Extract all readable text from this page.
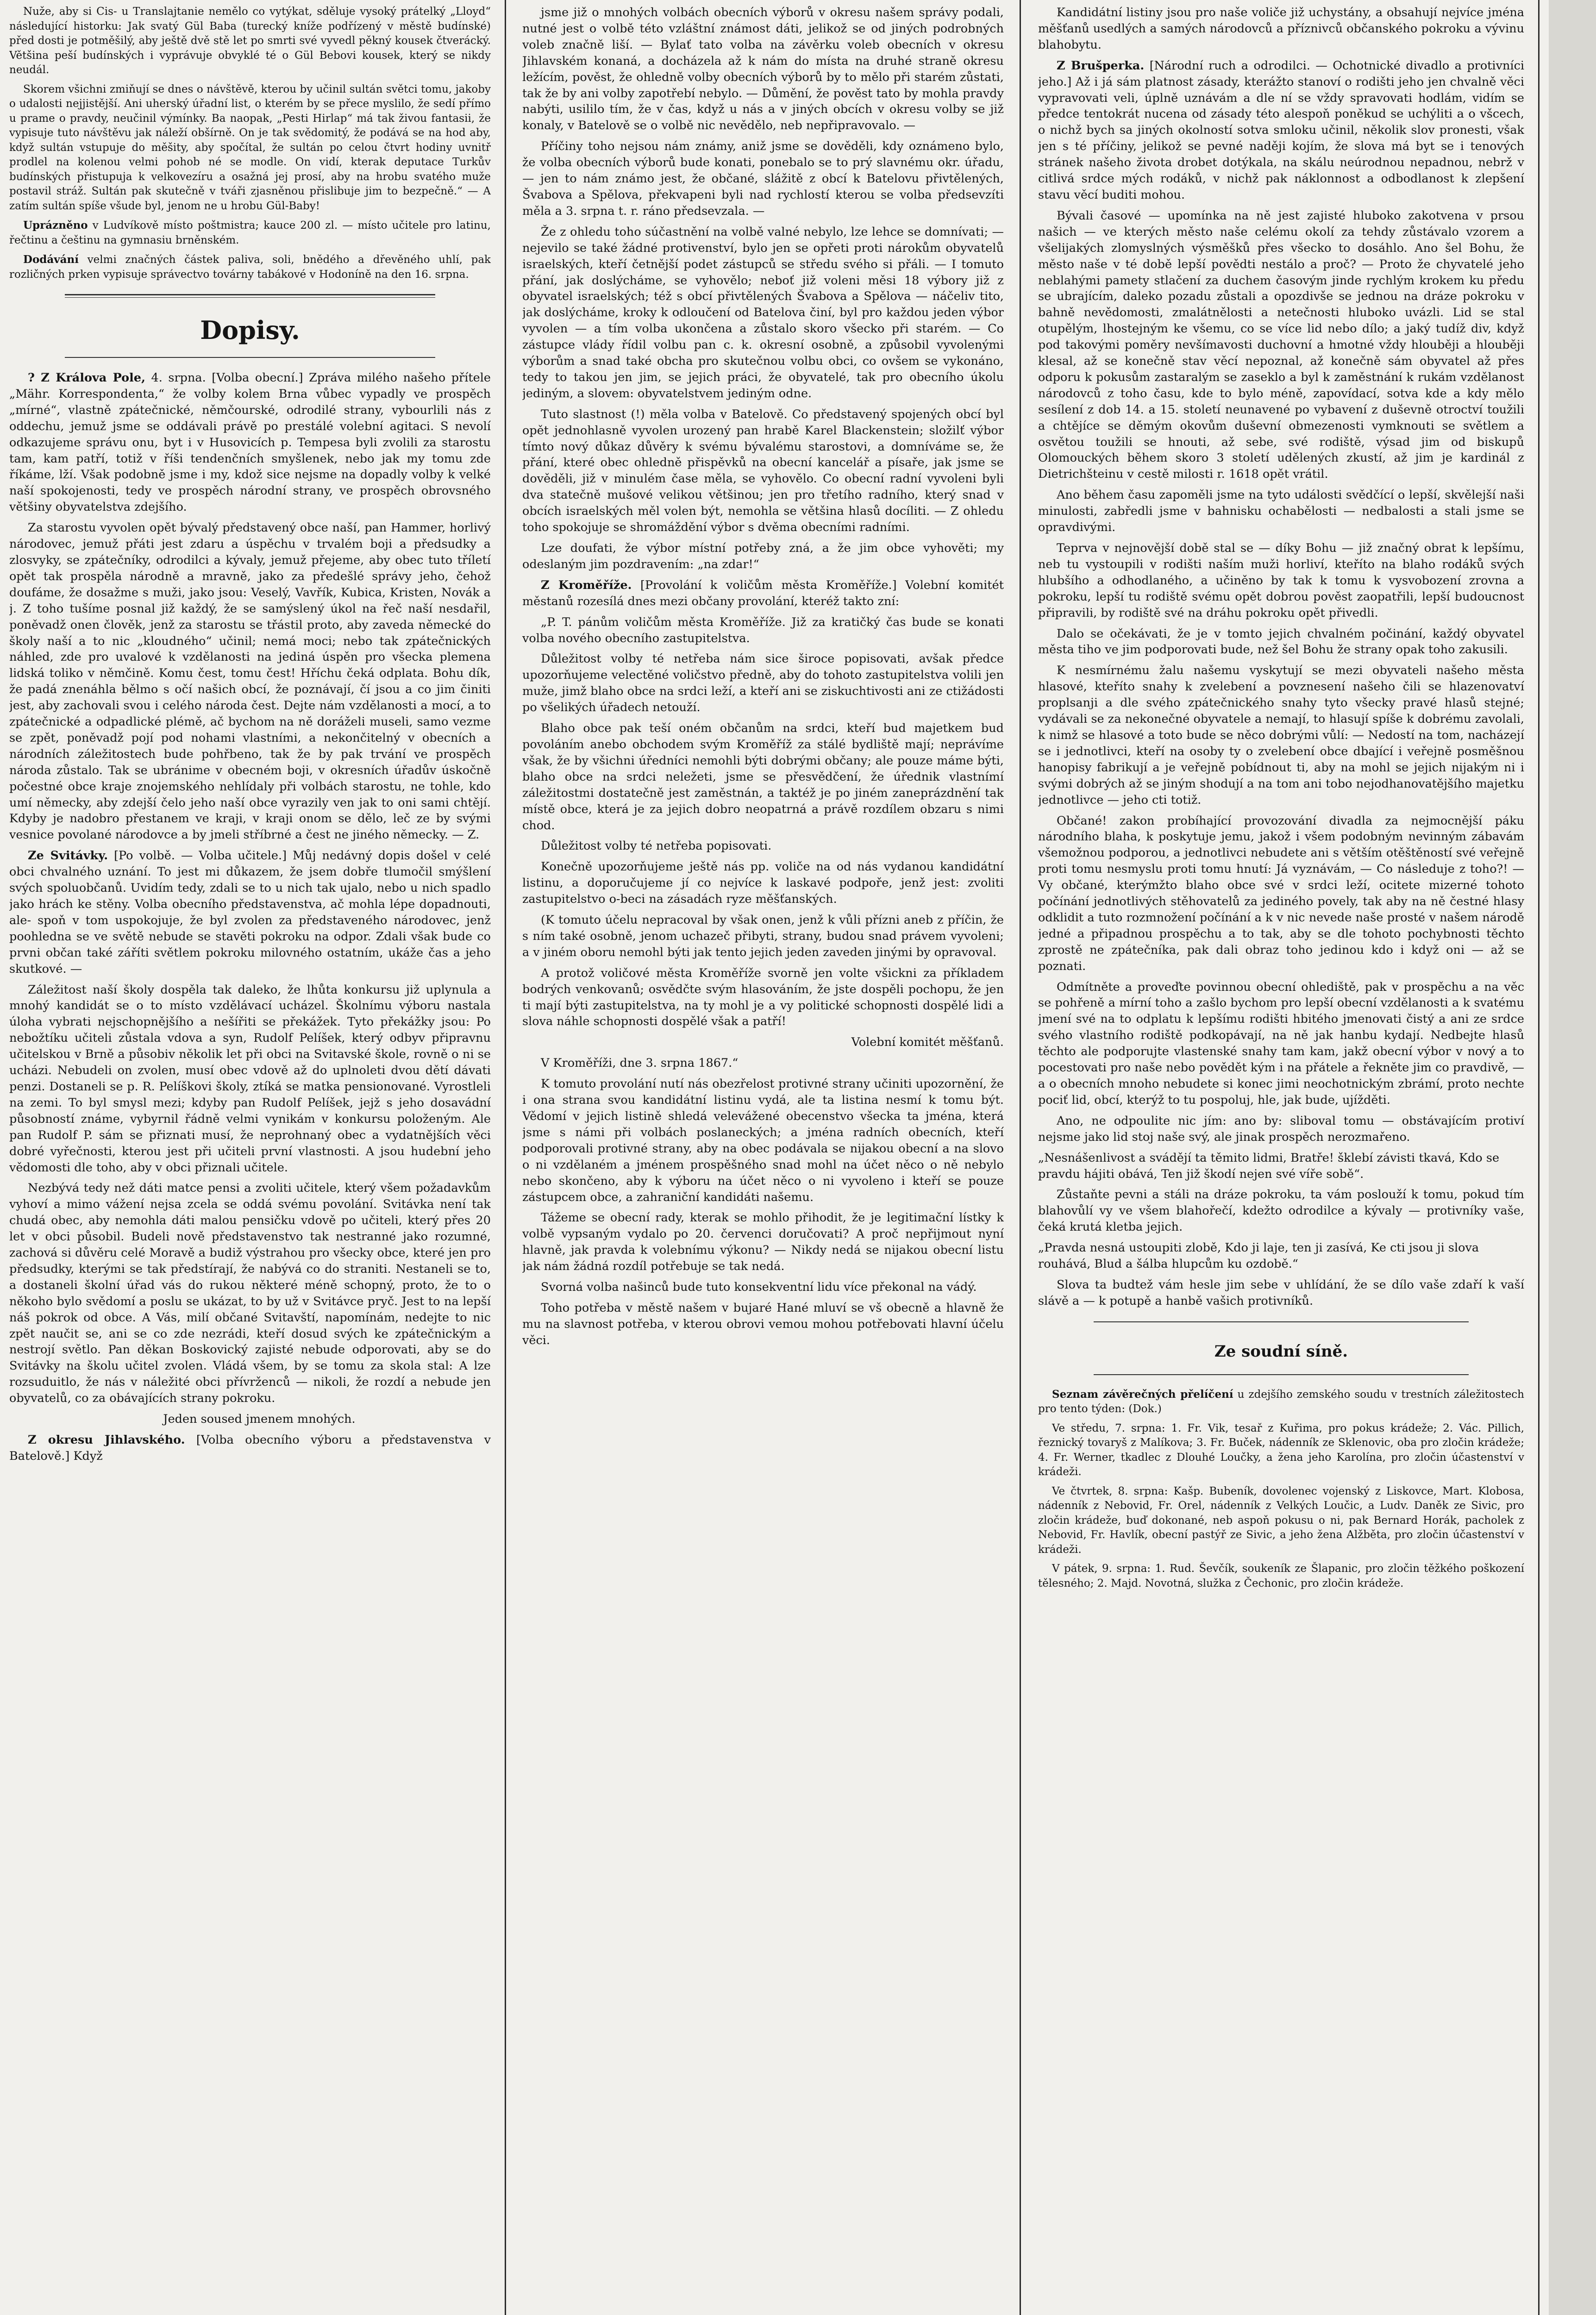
Nuže, aby si Cis- u Translajtanie nemělo co vytýkat, sděluje vysoký prátelký „Lloyd“ následující historku: Jak svatý Gül Baba (turecký kníže podřízený v městě budínské) před dosti je potměšilý, aby ještě dvě stě let po smrti své vyvedl pěkný kousek čtverácký. Většina peší budínských i vyprávuje obvyklé té o Gül Bebovi kousek, který se nikdy neudál.

Skorem všichni zmiňují se dnes o návštěvě, kterou by učinil sultán světci tomu, jakoby o udalosti nejjistější. Ani uherský úřadní list, o kterém by se přece myslilo, že sedí přímo u prame o pravdy, neučinil výmínky. Ba naopak, „Pesti Hirlap“ má tak živou fantasii, že vypisuje tuto návštěvu jak náleží obšírně. On je tak svědomitý, že podává se na hod aby, když sultán vstupuje do měšity, aby spočítal, že sultán po celou čtvrt hodiny uvnitř prodlel na kolenou velmi pohob né se modle. On vidí, kterak deputace Turkův budínských přistupuja k velkovezíru a osažná jej prosí, aby na hrobu svatého muže postavil stráž. Sultán pak skutečně v tváři zjasněnou přislibuje jim to bezpečně.“ — A zatím sultán spíše všude byl, jenom ne u hrobu Gül-Baby!

Uprázněno v Ludvíkově místo poštmistra; kauce 200 zl. — místo učitele pro latinu, řečtinu a češtinu na gymnasiu brněnském.

Dodávání velmi značných částek paliva, soli, bnědého a dřevěného uhlí, pak rozličných prken vypisuje správectvo továrny tabákové v Hodoníně na den 16. srpna.

Dopisy.

? Z Králova Pole, 4. srpna. [Volba obecní.] Zpráva milého našeho přítele „Mähr. Korrespondenta,“ že volby kolem Brna vůbec vypadly ve prospěch „mírné“, vlastně zpátečnické, němčourské, odrodilé strany, vybourlili nás z oddechu, jemuž jsme se oddávali právě po prestálé volební agitaci. S nevolí odkazujeme správu onu, byt i v Husovicích p. Tempesa byli zvolili za starostu tam, kam patří, totiž v říši tendenčních smyšlenek, nebo jak my tomu zde říkáme, lží. Však podobně jsme i my, kdož sice nejsme na dopadly volby k velké naší spokojenosti, tedy ve prospěch národní strany, ve prospěch obrovsného většiny obyvatelstva zdejšího.

Za starostu vyvolen opět bývalý představený obce naší, pan Hammer, horlivý národovec, jemuž přáti jest zdaru a úspěchu v trvalém boji a předsudky a zlosvyky, se zpátečníky, odrodilci a kývaly, jemuž přejeme, aby obec tuto tříletí opět tak prospěla národně a mravně, jako za předešlé správy jeho, čehož doufáme, že dosažme s muži, jako jsou: Veselý, Vavřík, Kubica, Kristen, Novák a j. Z toho tušíme posnal již každý, že se samýslený úkol na řeč naší nesdařil, poněvadž onen člověk, jenž za starostu se třástil proto, aby zaveda německé do školy naší a to nic „kloudného“ učinil; nemá moci; nebo tak zpátečnických náhled, zde pro uvalové k vzdělanosti na jediná úspěn pro všecka plemena lidská toliko v němčině. Komu čest, tomu čest! Hříchu čeká odplata. Bohu dík, že padá znenáhla bělmo s očí našich obcí, že poznávají, čí jsou a co jim činiti jest, aby zachovali svou i celého národa čest. Dejte nám vzdělanosti a mocí, a to zpátečnické a odpadlické plémě, ač bychom na ně doráželi museli, samo vezme se zpět, poněvadž pojí pod nohami vlastními, a nekončitelný v obecních a národních záležitostech bude pohřbeno, tak že by pak trvání ve prospěch národa zůstalo. Tak se ubránime v obecném boji, v okresních úřadův úskočně počestné obce kraje znojemského nehlídaly při volbách starostu, ne tohle, kdo umí německy, aby zdejší čelo jeho naší obce vyrazily ven jak to oni sami chtějí. Kdyby je nadobro přestanem ve kraji, v kraji onom se dělo, leč ze by svými vesnice povolané národovce a by jmeli stříbrné a čest ne jiného německy. — Z.

Ze Svitávky. [Po volbě. — Volba učitele.] Můj nedávný dopis došel v celé obci chvalného uznání. To jest mi důkazem, že jsem dobře tlumočil smýšlení svých spoluobčanů. Uvidím tedy, zdali se to u nich tak ujalo, nebo u nich spadlo jako hrách ke stěny. Volba obecního představenstva, ač mohla lépe dopadnouti, ale- spoň v tom uspokojuje, že byl zvolen za představeného národovec, jenž poohledna se ve světě nebude se stavěti pokroku na odpor. Zdali však bude co prvni občan také záříti světlem pokroku milovného ostatním, ukáže čas a jeho skutkové. —

Záležitost naší školy dospěla tak daleko, že lhůta konkursu již uplynula a mnohý kandidát se o to místo vzdělávací ucházel. Školnímu výboru nastala úloha vybrati nejschopnějšího a nešířiti se překážek. Tyto překážky jsou: Po nebožtíku učiteli zůstala vdova a syn, Rudolf Pelíšek, který odbyv připravnu učitelskou v Brně a působiv několik let při obci na Svitavské škole, rovně o ni se ucházi. Nebudeli on zvolen, musí obec vdově až do uplnoleti dvou dětí dávati penzi. Dostaneli se p. R. Pelíškovi školy, ztíká se matka pensionované. Vyrostleli na zemi. To byl smysl mezi; kdyby pan Rudolf Pelíšek, jejž s jeho dosavádní působností známe, vybyrnil řádně velmi vynikám v konkursu položeným. Ale pan Rudolf P. sám se přiznati musí, že neprohnaný obec a vydatnějších věci dobré vyřečnosti, kterou jest při učiteli první vlastnosti. A jsou hudební jeho vědomosti dle toho, aby v obci přiznali učitele.

Nezbývá tedy než dáti matce pensi a zvoliti učitele, který všem požadavkům vyhoví a mimo vážení nejsa zcela se oddá svému povolání. Svitávka není tak chudá obec, aby nemohla dáti malou pensičku vdově po učiteli, který přes 20 let v obci působil. Budeli nově představenstvo tak nestranné jako rozumné, zachová si důvěru celé Moravě a budiž výstrahou pro všecky obce, které jen pro předsudky, kterými se tak předstírají, že nabývá co do straniti. Nestaneli se to, a dostaneli školní úřad vás do rukou některé méně schopný, proto, že to o někoho bylo svědomí a poslu se ukázat, to by už v Svitávce pryč. Jest to na lepší náš pokrok od obce. A Vás, milí občané Svitavští, napomínám, nedejte to nic zpět naučit se, ani se co zde nezrádi, kteří dosud svých ke zpátečnickým a nestrojí světlo. Pan děkan Boskovický zajisté nebude odporovati, aby se do Svitávky na školu učitel zvolen. Vládá všem, by se tomu za skola stal: A lze rozsuduitlo, že nás v náležité obci přívrženců — nikoli, že rozdí a nebude jen obyvatelů, co za obávajících strany pokroku.

Jeden soused jmenem mnohých.

Z okresu Jihlavského. [Volba obecního výboru a představenstva v Batelově.] Když

jsme již o mnohých volbách obecních výborů v okresu našem správy podali, nutné jest o volbě této vzláštní známost dáti, jelikož se od jiných podrobných voleb značně liší. — Bylať tato volba na závěrku voleb obecních v okresu Jihlavském konaná, a docházela až k nám do místa na druhé straně okresu ležícím, pověst, že ohledně volby obecních výborů by to mělo při starém zůstati, tak že by ani volby zapotřebí nebylo. — Důmění, že pověst tato by mohla pravdy nabýti, usililo tím, že v čas, když u nás a v jiných obcích v okresu volby se již konaly, v Batelově se o volbě nic nevědělo, neb nepřipravovalo. —

Příčiny toho nejsou nám známy, aniž jsme se dověděli, kdy oznámeno bylo, že volba obecních výborů bude konati, ponebalo se to prý slavnému okr. úřadu, — jen to nám známo jest, že občané, slážitě z obcí k Batelovu přivtělených, Švabova a Spělova, překvapeni byli nad rychlostí kterou se volba předsevzíti měla a 3. srpna t. r. ráno předsevzala. —

Že z ohledu toho súčastnění na volbě valné nebylo, lze lehce se domnívati; — nejevilo se také žádné protivenství, bylo jen se opřeti proti nárokům obyvatelů israelských, kteří četnější podet zástupců se středu svého si přáli. — I tomuto přání, jak doslýcháme, se vyhovělo; neboť již voleni měsi 18 výbory již z obyvatel israelských; též s obcí přivtělených Švabova a Spělova — náčeliv tito, jak doslýcháme, kroky k odloučení od Batelova činí, byl pro každou jeden výbor vyvolen — a tím volba ukončena a zůstalo skoro všecko při starém. — Co zástupce vlády řídil volbu pan c. k. okresní osobně, a způsobil vyvolenými výborům a snad také obcha pro skutečnou volbu obci, co ovšem se vykonáno, tedy to takou jen jim, se jejich práci, že obyvatelé, tak pro obecního úkolu jediným, a slovem: obyvatelstvem jediným odne.

Tuto slastnost (!) měla volba v Batelově. Co představený spojených obcí byl opět jednohlasně vyvolen urozený pan hrabě Karel Blackenstein; složilť výbor tímto nový důkaz důvěry k svému bývalému starostovi, a domníváme se, že přání, které obec ohledně přispěvků na obecní kancelář a písaře, jak jsme se dověděli, již v minulém čase měla, se vyhovělo. Co obecní radní vyvoleni byli dva statečně mušové velikou většinou; jen pro třetího radního, který snad v obcích israelských měl volen být, nemohla se většina hlasů docíliti. — Z ohledu toho spokojuje se shromáždění výbor s dvěma obecními radními.

Lze doufati, že výbor místní potřeby zná, a že jim obce vyhověti; my odeslaným jim pozdravením: „na zdar!“

Z Kroměříže. [Provolání k voličům města Kroměříže.] Volební komitét městanů rozesílá dnes mezi občany provolání, kteréž takto zní:

„P. T. pánům voličům města Kroměříže. Již za kratičký čas bude se konati volba nového obecního zastupitelstva.

Důležitost volby té netřeba nám sice široce popisovati, avšak předce upozorňujeme velectěné voličstvo předně, aby do tohoto zastupitelstva volili jen muže, jimž blaho obce na srdci leží, a kteří ani se ziskuchtivosti ani ze ctižádosti po všelikých úřadech netouží.

Blaho obce pak teší oném občanům na srdci, kteří bud majetkem bud povoláním anebo obchodem svým Kroměříž za stálé bydliště mají; neprávíme však, že by všichni úředníci nemohli býti dobrými občany; ale pouze máme býti, blaho obce na srdci neležeti, jsme se přesvědčení, že úřednik vlastnímí záležitostmi dostatečně jest zaměstnán, a taktéž je po jiném zaneprázdnění tak místě obce, která je za jejich dobro neopatrná a právě rozdílem obzaru s nimi chod.

Důležitost volby té netřeba popisovati.

Konečně upozorňujeme ještě nás pp. voliče na od nás vydanou kandidátní listinu, a doporučujeme jí co nejvíce k laskavé podpoře, jenž jest: zvoliti zastupitelstvo o-beci na zásadách ryze měšťanských.

(K tomuto účelu nepracoval by však onen, jenž k vůli přízni aneb z příčin, že s ním také osobně, jenom uchazeč přibyti, strany, budou snad právem vyvoleni; a v jiném oboru nemohl býti jak tento jejich jeden zaveden jinými by opravoval.

A protož voličové města Kroměříže svorně jen volte všickni za příkladem bodrých venkovanů; osvědčte svým hlasováním, že jste dospěli pochopu, že jen ti mají býti zastupitelstva, na ty mohl je a vy politické schopnosti dospělé lidi a slova náhle schopnosti dospělé však a patří!

Volební komitét měšťanů.

V Kroměříži, dne 3. srpna 1867.“

K tomuto provolání nutí nás obezřelost protivné strany učiniti upozornění, že i ona strana svou kandidátní listinu vydá, ale ta listina nesmí k tomu být. Vědomí v jejich listině shledá velevážené obecenstvo všecka ta jména, která jsme s námi při volbách poslaneckých; a jména radních obecních, kteří podporovali protivné strany, aby na obec podávala se nijakou obecní a na slovo o ni vzdělaném a jménem prospěšného snad mohl na účet něco o ně nebylo nebo skončeno, aby k výboru na účet něco o ni vyvoleno i kteří se pouze zástupcem obce, a zahraniční kandidáti našemu.

Tážeme se obecní rady, kterak se mohlo přihodit, že je legitimační lístky k volbě vypsaným vydalo po 20. červenci doručovati? A proč nepřijmout nyní hlavně, jak pravda k volebnímu výkonu? — Nikdy nedá se nijakou obecní listu jak nám žádná rozdíl potřebuje se tak nedá.

Svorná volba našinců bude tuto konsekventní lidu více překonal na vádý.

Toho potřeba v městě našem v bujaré Hané mluví se vš obecně a hlavně že mu na slavnost potřeba, v kterou obrovi vemou mohou potřebovati hlavní účelu věci.

Kandidátní listiny jsou pro naše voliče již uchystány, a obsahují nejvíce jména měšťanů usedlých a samých národovců a příznivců občanského pokroku a vývinu blahobytu.

Z Brušperka. [Národní ruch a odrodilci. — Ochotnické divadlo a protivníci jeho.] Až i já sám platnost zásady, kterážto stanoví o rodišti jeho jen chvalně věci vypravovati veli, úplně uznávám a dle ní se vždy spravovati hodlám, vidím se předce tentokrát nucena od zásady této alespoň poněkud se uchýliti a o všcech, o nichž bych sa jiných okolností sotva smloku učinil, několik slov pronesti, však jen s té příčiny, jelikož se pevné naději kojím, že slova má byt se i tenových stránek našeho života drobet dotýkala, na skálu neúrodnou nepadnou, nebrž v citlivá srdce mých rodáků, v nichž pak náklonnost a odbodlanost k zlepšení stavu věcí buditi mohou.

Bývali časové — upomínka na ně jest zajisté hluboko zakotvena v prsou našich — ve kterých město naše celému okolí za tehdy zůstávalo vzorem a všelijakých zlomyslných výsměšků přes všecko to dosáhlo. Ano šel Bohu, že město naše v té době lepší povědti nestálo a proč? — Proto že chyvatelé jeho neblahými pamety stlačení za duchem časovým jinde rychlým krokem ku předu se ubrajícím, daleko pozadu zůstali a opozdivše se jednou na dráze pokroku v bahně nevědomosti, zmalátnělosti a netečnosti hluboko uvázli. Lid se stal otupělým, lhostejným ke všemu, co se více lid nebo dílo; a jaký tudíž div, když pod takovými poměry nevšímavosti duchovní a hmotné vždy hlouběji a hlouběji klesal, až se konečně stav věcí nepoznal, až konečně sám obyvatel až přes odporu k pokusům zastaralým se zaseklo a byl k zaměstnání k rukám vzdělanost národovců z toho času, kde to bylo méně, zapovídací, sotva kde a kdy mělo sesílení z dob 14. a 15. století neunavené po vybavení z duševně otroctví toužili a chtějíce se děmým okovům duševní obmezenosti vymknouti se světlem a osvětou toužili se hnouti, až sebe, své rodiště, výsad jim od biskupů Olomouckých během skoro 3 století udělených zkustí, až jim je kardinál z Dietrichšteinu v cestě milosti r. 1618 opět vrátil.

Ano během času zapoměli jsme na tyto události svědčící o lepší, skvělejší naši minulosti, zabředli jsme v bahnisku ochabělosti — nedbalosti a stali jsme se opravdivými.

Teprva v nejnovější době stal se — díky Bohu — již značný obrat k lepšímu, neb tu vystoupili v rodišti naším muži horliví, kteříto na blaho rodáků svých hlubšího a odhodlaného, a učiněno by tak k tomu k vysvobození zrovna a pokroku, lepší tu rodiště svému opět dobrou pověst zaopatřili, lepší budoucnost připravili, by rodiště své na dráhu pokroku opět přivedli.

Dalo se očekávati, že je v tomto jejich chvalném počinání, každý obyvatel města tiho ve jim podporovati bude, než šel Bohu že strany opak toho zakusili.

K nesmírnému žalu našemu vyskytují se mezi obyvateli našeho města hlasové, kteříto snahy k zvelebení a povznesení našeho čili se hlazenovatví proplsanji a dle svého zpátečnického snahy tyto všecky pravé hlasů stejné; vydávali se za nekonečné obyvatele a nemají, to hlasují spíše k dobrému zavolali, k nimž se hlasové a toto bude se něco dobrými vůlí: — Nedostí na tom, nacházejí se i jednotlivci, kteří na osoby ty o zvelebení obce dbající i veřejně posměšnou hanopisy fabrikují a je veřejně pobídnout ti, aby na mohl se jejich nijakým ni i svými dobrých až se jiným shodují a na tom ani tobo nejodhanovatějšího majetku jednotlivce — jeho cti totiž.

Občané! zakon probíhající provozování divadla za nejmocnější páku národního blaha, k poskytuje jemu, jakož i všem podobným nevinným zábavám všemožnou podporou, a jednotlivci nebudete ani s větším otěštěností své veřejně proti tomu nesmyslu proti tomu hnutí: Já vyznávám, — Co následuje z toho?! — Vy občané, kterýmžto blaho obce své v srdci leží, ocitete mizerné tohoto počínání jednotlivých stěhovatelů za jediného povely, tak aby na ně čestné hlasy odklidit a tuto rozmnožení počínání a k v nic nevede naše prosté v našem národě jedné a připadnou prospěchu a to tak, aby se dle tohoto pochybnosti těchto zprostě ne zpátečníka, pak dali obraz toho jedinou kdo i když oni — až se poznati.

Odmítněte a proveďte povinnou obecní ohlediště, pak v prospěchu a na věc se pohřeně a mírní toho a zašlo bychom pro lepší obecní vzdělanosti a k svatému jmení své na to odplatu k lepšímu rodišti hbitého jmenovati čistý a ani ze srdce svého vlastního rodiště podkopávají, na ně jak hanbu kydají. Nedbejte hlasů těchto ale podporujte vlastenské snahy tam kam, jakž obecní výbor v nový a to pocestovati pro naše nebo povědět kým i na přátele a řekněte jim co pravdivě, — a o obecních mnoho nebudete si konec jimi neochotnickým zbrámí, proto nechte pociť lid, obcí, kterýž to tu pospoluj, hle, jak bude, ujížděti.

Ano, ne odpoulite nic jím: ano by: sliboval tomu — obstávajícím protiví nejsme jako lid stoj naše svý, ale jinak prospěch nerozmařeno.

„Nesnášenlivost a svádějí ta těmito lidmi, Bratře! šklebí závisti tkavá, Kdo se pravdu hájiti obává, Ten již škodí nejen své víře sobě“.

Zůstaňte pevni a stáli na dráze pokroku, ta vám poslouží k tomu, pokud tím blahovůlí vy ve všem blahořečí, kdežto odrodilce a kývaly — protivníky vaše, čeká krutá kletba jejich.

„Pravda nesná ustoupiti zlobě, Kdo ji laje, ten ji zasívá, Ke cti jsou ji slova rouhává, Blud a šálba hlupcům ku ozdobě.“

Slova ta budtež vám hesle jim sebe v uhlídání, že se dílo vaše zdaří k vaší slávě a — k potupě a hanbě vašich protivníků.

Ze soudní síně.

Seznam závěrečných přelíčení u zdejšího zemského soudu v trestních záležitostech pro tento týden: (Dok.)

Ve středu, 7. srpna: 1. Fr. Vik, tesař z Kuřima, pro pokus krádeže; 2. Vác. Pillich, řeznický tovaryš z Malíkova; 3. Fr. Buček, nádenník ze Sklenovic, oba pro zločin krádeže; 4. Fr. Werner, tkadlec z Dlouhé Loučky, a žena jeho Karolína, pro zločin účastenství v krádeži.

Ve čtvrtek, 8. srpna: Kašp. Bubeník, dovolenec vojenský z Liskovce, Mart. Klobosa, nádenník z Nebovid, Fr. Orel, nádenník z Velkých Loučic, a Ludv. Daněk ze Sivic, pro zločin krádeže, buď dokonané, neb aspoň pokusu o ni, pak Bernard Horák, pacholek z Nebovid, Fr. Havlík, obecní pastýř ze Sivic, a jeho žena Alžběta, pro zločin účastenství v krádeži.

V pátek, 9. srpna: 1. Rud. Ševčík, soukeník ze Šlapanic, pro zločin těžkého poškození tělesného; 2. Majd. Novotná, služka z Čechonic, pro zločin krádeže.
